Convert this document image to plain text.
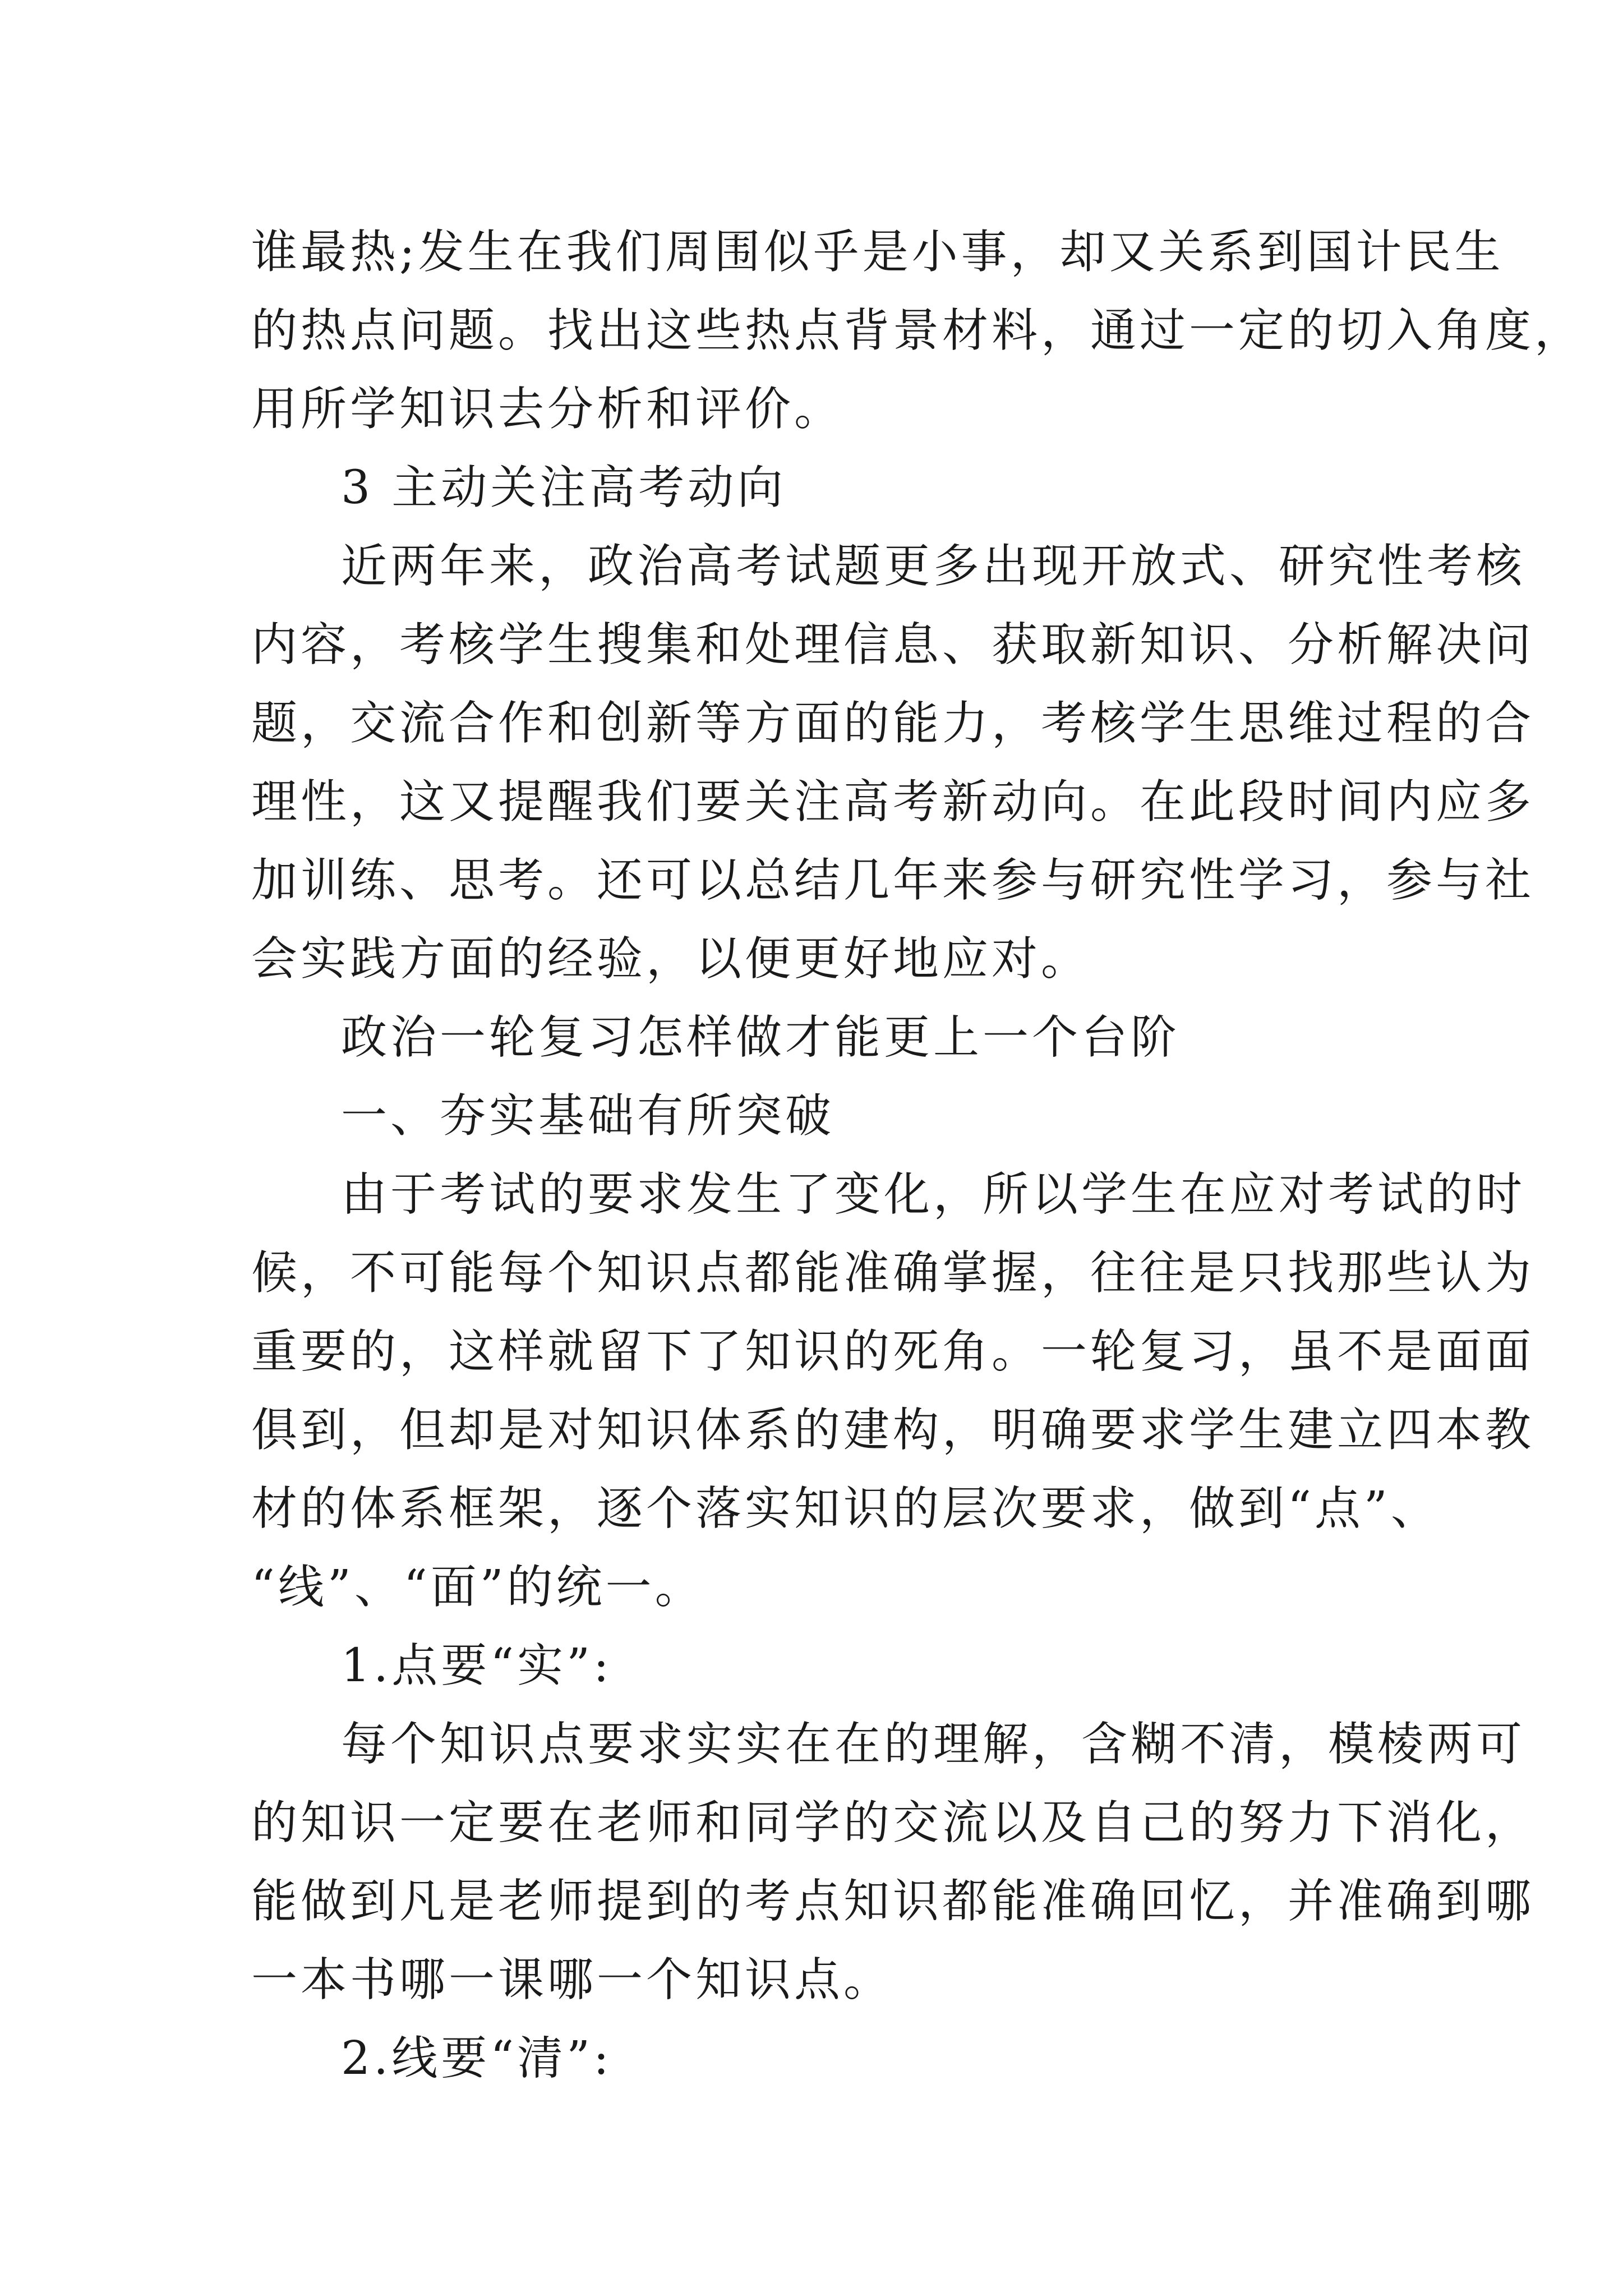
谁最热;发生在我们周围似乎是小事，却又关系到国计民生
的热点问题。找出这些热点背景材料，通过一定的切入角度，
用所学知识去分析和评价。
3 主动关注高考动向
近两年来，政治高考试题更多出现开放式、研究性考核
内容，考核学生搜集和处理信息、获取新知识、分析解决问
题，交流合作和创新等方面的能力，考核学生思维过程的合
理性，这又提醒我们要关注高考新动向。在此段时间内应多
加训练、思考。还可以总结几年来参与研究性学习，参与社
会实践方面的经验，以便更好地应对。
政治一轮复习怎样做才能更上一个台阶
一、夯实基础有所突破
由于考试的要求发生了变化，所以学生在应对考试的时
候，不可能每个知识点都能准确掌握，往往是只找那些认为
重要的，这样就留下了知识的死角。一轮复习，虽不是面面
俱到，但却是对知识体系的建构，明确要求学生建立四本教
材的体系框架，逐个落实知识的层次要求，做到“点”、
“线”、“面”的统一。
1.点要“实”:
每个知识点要求实实在在的理解，含糊不清，模棱两可
的知识一定要在老师和同学的交流以及自己的努力下消化，
能做到凡是老师提到的考点知识都能准确回忆，并准确到哪
一本书哪一课哪一个知识点。
2.线要“清”:
